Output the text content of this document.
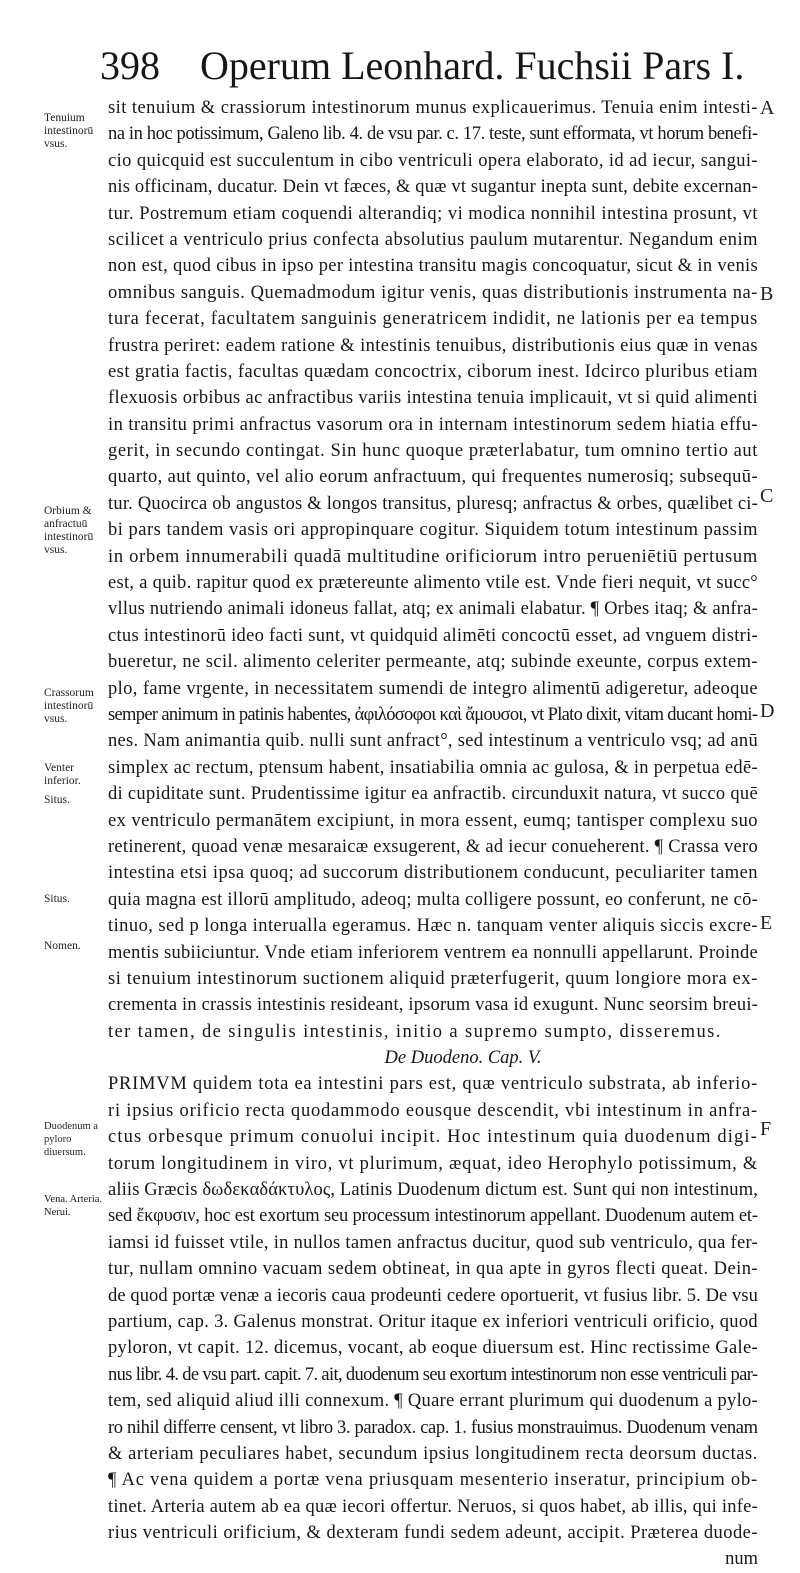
398 Operum Leonhard. Fuchsii Pars I.
A
B
C
D
E
F
Tenuium intestinorū vsus.
Orbium & anfractuū intestinorū vsus.
Crassorum intestinorū vsus.
Venter inferior.
Situs.
Situs.
Nomen.
Duodenum a pyloro diuersum.
Vena. Arteria. Nerui.
sit tenuium & crassiorum intestinorum munus explicauerimus. Tenuia enim intesti-
na in hoc potissimum, Galeno lib. 4. de vsu par. c. 17. teste, sunt efformata, vt horum benefi-
cio quicquid est succulentum in cibo ventriculi opera elaborato, id ad iecur, sangui-
nis officinam, ducatur. Dein vt fæces, & quæ vt sugantur inepta sunt, debite excernan-
tur. Postremum etiam coquendi alterandiq; vi modica nonnihil intestina prosunt, vt
scilicet a ventriculo prius confecta absolutius paulum mutarentur. Negandum enim
non est, quod cibus in ipso per intestina transitu magis concoquatur, sicut & in venis
omnibus sanguis. Quemadmodum igitur venis, quas distributionis instrumenta na-
tura fecerat, facultatem sanguinis generatricem indidit, ne lationis per ea tempus
frustra periret: eadem ratione & intestinis tenuibus, distributionis eius quæ in venas
est gratia factis, facultas quædam concoctrix, ciborum inest. Idcirco pluribus etiam
flexuosis orbibus ac anfractibus variis intestina tenuia implicauit, vt si quid alimenti
in transitu primi anfractus vasorum ora in internam intestinorum sedem hiatia effu-
gerit, in secundo contingat. Sin hunc quoque præterlabatur, tum omnino tertio aut
quarto, aut quinto, vel alio eorum anfractuum, qui frequentes numerosiq; subsequū-
tur. Quocirca ob angustos & longos transitus, pluresq; anfractus & orbes, quælibet ci-
bi pars tandem vasis ori appropinquare cogitur. Siquidem totum intestinum passim
in orbem innumerabili quadā multitudine orificiorum intro perueniētiū pertusum
est, a quib. rapitur quod ex prætereunte alimento vtile est. Vnde fieri nequit, vt succ°
vllus nutriendo animali idoneus fallat, atq; ex animali elabatur. ¶ Orbes itaq; & anfra-
ctus intestinorū ideo facti sunt, vt quidquid alimēti concoctū esset, ad vnguem distri-
bueretur, ne scil. alimento celeriter permeante, atq; subinde exeunte, corpus extem-
plo, fame vrgente, in necessitatem sumendi de integro alimentū adigeretur, adeoque
semper animum in patinis habentes, ἀφιλόσοφοι καὶ ἄμουσοι, vt Plato dixit, vitam ducant homi-
nes. Nam animantia quib. nulli sunt anfract°, sed intestinum a ventriculo vsq; ad anū
simplex ac rectum, ptensum habent, insatiabilia omnia ac gulosa, & in perpetua edē-
di cupiditate sunt. Prudentissime igitur ea anfractib. circunduxit natura, vt succo quē
ex ventriculo permanātem excipiunt, in mora essent, eumq; tantisper complexu suo
retinerent, quoad venæ mesaraicæ exsugerent, & ad iecur conueherent. ¶ Crassa vero
intestina etsi ipsa quoq; ad succorum distributionem conducunt, peculiariter tamen
quia magna est illorū amplitudo, adeoq; multa colligere possunt, eo conferunt, ne cō-
tinuo, sed p longa interualla egeramus. Hæc n. tanquam venter aliquis siccis excre-
mentis subiiciuntur. Vnde etiam inferiorem ventrem ea nonnulli appellarunt. Proinde
si tenuium intestinorum suctionem aliquid præterfugerit, quum longiore mora ex-
crementa in crassis intestinis resideant, ipsorum vasa id exugunt. Nunc seorsim breui-
ter tamen, de singulis intestinis, initio a supremo sumpto, disseremus.
De Duodeno. Cap. V.
PRIMVM quidem tota ea intestini pars est, quæ ventriculo substrata, ab inferio-
ri ipsius orificio recta quodammodo eousque descendit, vbi intestinum in anfra-
ctus orbesque primum conuolui incipit. Hoc intestinum quia duodenum digi-
torum longitudinem in viro, vt plurimum, æquat, ideo Herophylo potissimum, &
aliis Græcis δωδεκαδάκτυλος, Latinis Duodenum dictum est. Sunt qui non intestinum,
sed ἔκφυσιν, hoc est exortum seu processum intestinorum appellant. Duodenum autem et-
iamsi id fuisset vtile, in nullos tamen anfractus ducitur, quod sub ventriculo, qua fer-
tur, nullam omnino vacuam sedem obtineat, in qua apte in gyros flecti queat. Dein-
de quod portæ venæ a iecoris caua prodeunti cedere oportuerit, vt fusius libr. 5. De vsu
partium, cap. 3. Galenus monstrat. Oritur itaque ex inferiori ventriculi orificio, quod
pyloron, vt capit. 12. dicemus, vocant, ab eoque diuersum est. Hinc rectissime Gale-
nus libr. 4. de vsu part. capit. 7. ait, duodenum seu exortum intestinorum non esse ventriculi par-
tem, sed aliquid aliud illi connexum. ¶ Quare errant plurimum qui duodenum a pylo-
ro nihil differre censent, vt libro 3. paradox. cap. 1. fusius monstrauimus. Duodenum venam
& arteriam peculiares habet, secundum ipsius longitudinem recta deorsum ductas.
¶ Ac vena quidem a portæ vena priusquam mesenterio inseratur, principium ob-
tinet. Arteria autem ab ea quæ iecori offertur. Neruos, si quos habet, ab illis, qui infe-
rius ventriculi orificium, & dexteram fundi sedem adeunt, accipit. Præterea duode-
num
